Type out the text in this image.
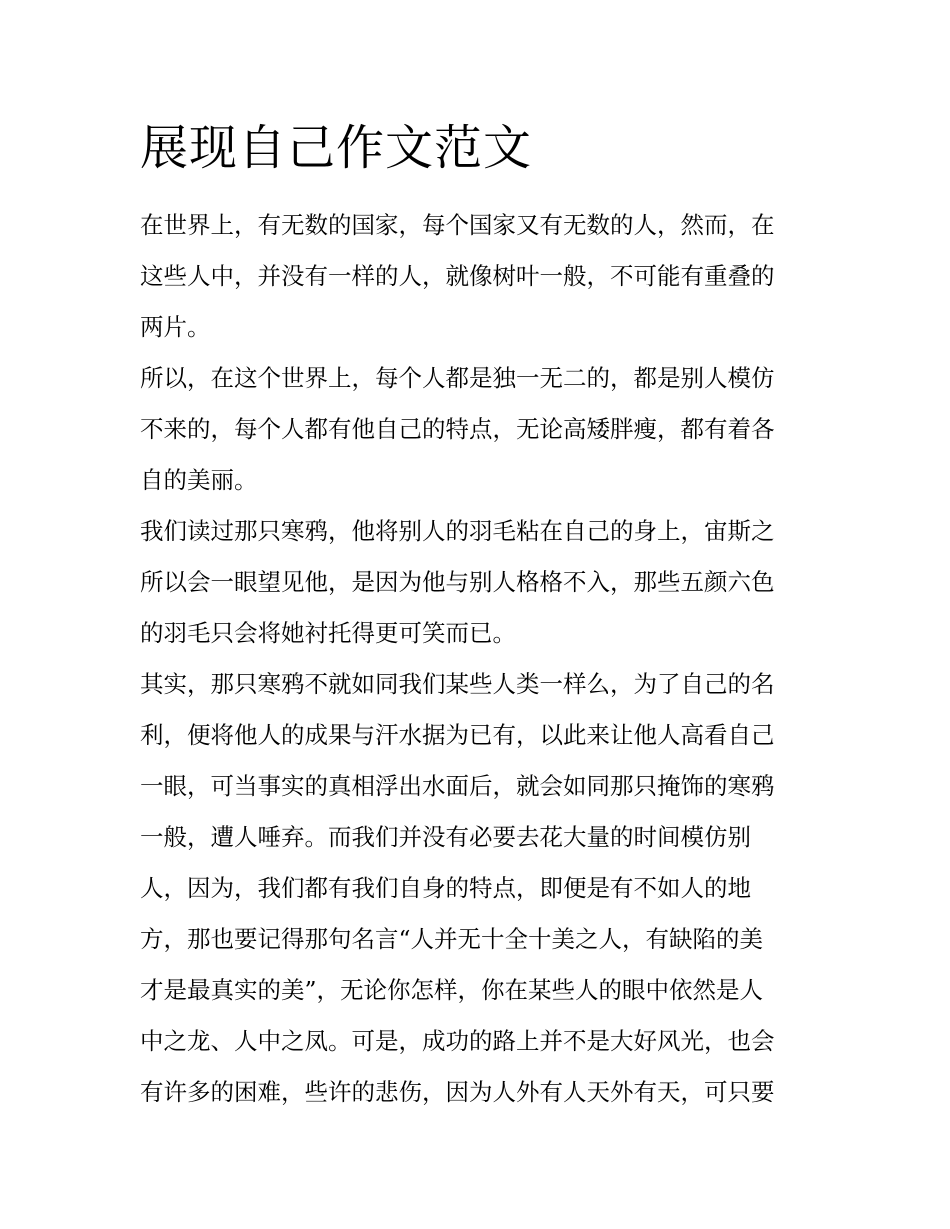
展现自己作文范文

在世界上，有无数的国家，每个国家又有无数的人，然而，在
这些人中，并没有一样的人，就像树叶一般，不可能有重叠的
两片。

所以，在这个世界上，每个人都是独一无二的，都是别人模仿
不来的，每个人都有他自己的特点，无论高矮胖瘦，都有着各
自的美丽。

我们读过那只寒鸦，他将别人的羽毛粘在自己的身上，宙斯之
所以会一眼望见他，是因为他与别人格格不入，那些五颜六色
的羽毛只会将她衬托得更可笑而已。

其实，那只寒鸦不就如同我们某些人类一样么，为了自己的名
利，便将他人的成果与汗水据为已有，以此来让他人高看自己
一眼，可当事实的真相浮出水面后，就会如同那只掩饰的寒鸦
一般，遭人唾弃。而我们并没有必要去花大量的时间模仿别
人，因为，我们都有我们自身的特点，即便是有不如人的地
方，那也要记得那句名言“人并无十全十美之人，有缺陷的美
才是最真实的美”，无论你怎样，你在某些人的眼中依然是人
中之龙、人中之凤。可是，成功的路上并不是大好风光，也会
有许多的困难，些许的悲伤，因为人外有人天外有天，可只要
